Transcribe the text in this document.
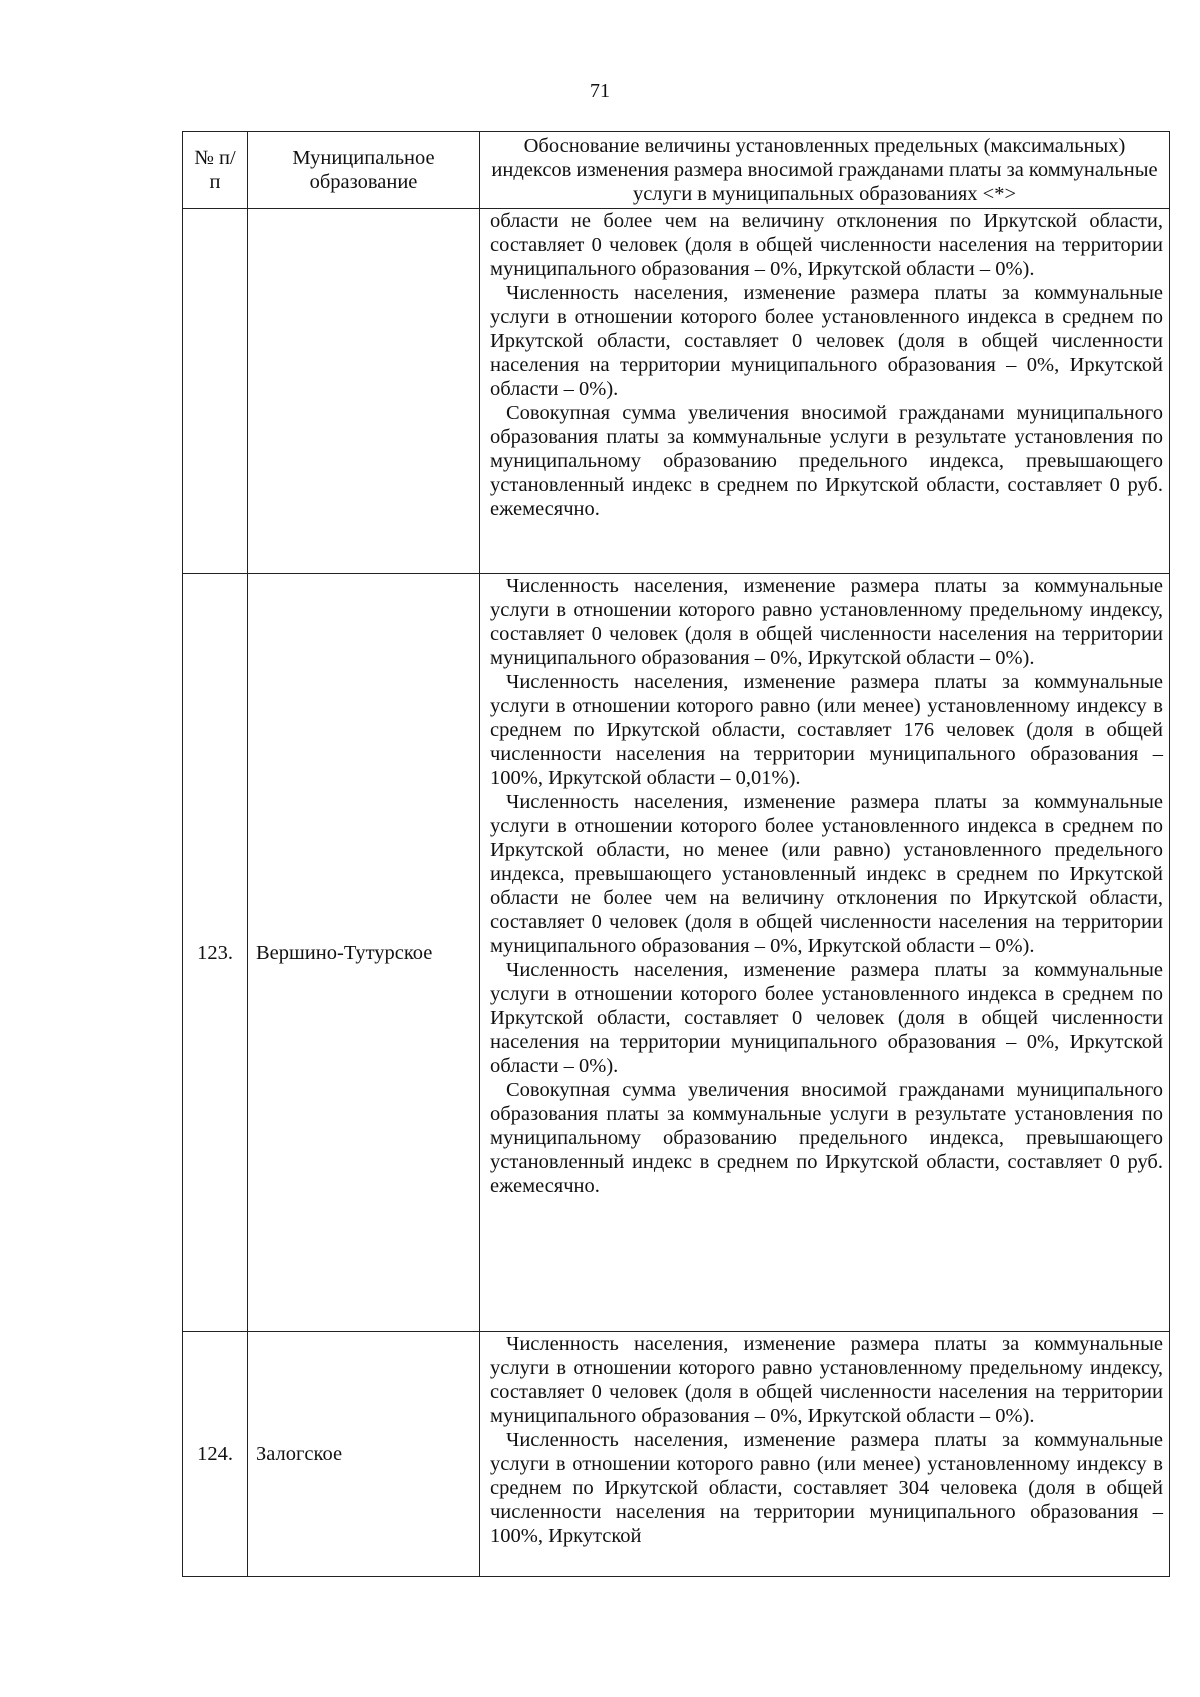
71
№ п/п	Муниципальное образование	Обоснование величины установленных предельных (максимальных) индексов изменения размера вносимой гражданами платы за коммунальные услуги в муниципальных образованиях <*>

		области не более чем на величину отклонения по Иркутской области, составляет 0 человек (доля в общей численности населения на территории муниципального образования – 0%, Иркутской области – 0%).

Численность населения, изменение размера платы за коммунальные услуги в отношении которого более установленного индекса в среднем по Иркутской области, составляет 0 человек (доля в общей численности населения на территории муниципального образования – 0%, Иркутской области – 0%).

Совокупная сумма увеличения вносимой гражданами муниципального образования платы за коммунальные услуги в результате установления по муниципальному образованию предельного индекса, превышающего установленный индекс в среднем по Иркутской области, составляет 0 руб. ежемесячно.

123.	Вершино-Тутурское	Численность населения, изменение размера платы за коммунальные услуги в отношении которого равно установленному предельному индексу, составляет 0 человек (доля в общей численности населения на территории муниципального образования – 0%, Иркутской области – 0%).

Численность населения, изменение размера платы за коммунальные услуги в отношении которого равно (или менее) установленному индексу в среднем по Иркутской области, составляет 176 человек (доля в общей численности населения на территории муниципального образования – 100%, Иркутской области – 0,01%).

Численность населения, изменение размера платы за коммунальные услуги в отношении которого более установленного индекса в среднем по Иркутской области, но менее (или равно) установленного предельного индекса, превышающего установленный индекс в среднем по Иркутской области не более чем на величину отклонения по Иркутской области, составляет 0 человек (доля в общей численности населения на территории муниципального образования – 0%, Иркутской области – 0%).

Численность населения, изменение размера платы за коммунальные услуги в отношении которого более установленного индекса в среднем по Иркутской области, составляет 0 человек (доля в общей численности населения на территории муниципального образования – 0%, Иркутской области – 0%).

Совокупная сумма увеличения вносимой гражданами муниципального образования платы за коммунальные услуги в результате установления по муниципальному образованию предельного индекса, превышающего установленный индекс в среднем по Иркутской области, составляет 0 руб. ежемесячно.

124.	Залогское	Численность населения, изменение размера платы за коммунальные услуги в отношении которого равно установленному предельному индексу, составляет 0 человек (доля в общей численности населения на территории муниципального образования – 0%, Иркутской области – 0%).

Численность населения, изменение размера платы за коммунальные услуги в отношении которого равно (или менее) установленному индексу в среднем по Иркутской области, составляет 304 человека (доля в общей численности населения на территории муниципального образования – 100%, Иркутской
